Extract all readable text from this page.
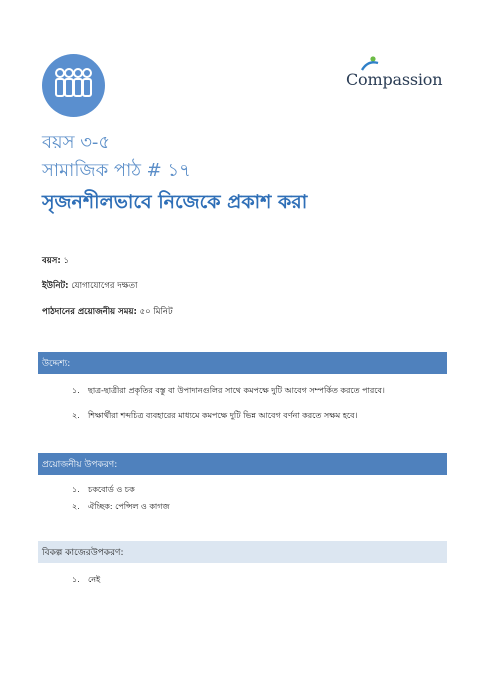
Compassion
বয়স ৩-৫
সামাজিক পাঠ # ১৭
সৃজনশীলভাবে নিজেকে প্রকাশ করা
বয়স: ১
ইউনিট: যোগাযোগের দক্ষতা
পাঠদানের প্রয়োজনীয় সময়: ৫০ মিনিট
উদ্দেশ্য:
১. ছাত্র-ছাত্রীরা প্রকৃতির বস্তু বা উপাদানগুলির সাথে কমপক্ষে দুটি আবেগ সম্পর্কিত করতে পারবে।
২. শিক্ষার্থীরা শব্দচিত্র ব্যবহারের মাধ্যমে কমপক্ষে দুটি ভিন্ন আবেগ বর্ণনা করতে সক্ষম হবে।
প্রয়োজনীয় উপকরণ:
১. চকবোর্ড ও চক
২. ঐচ্ছিক: পেন্সিল ও কাগজ
বিকল্প কাজেরউপকরণ:
১. নেই
